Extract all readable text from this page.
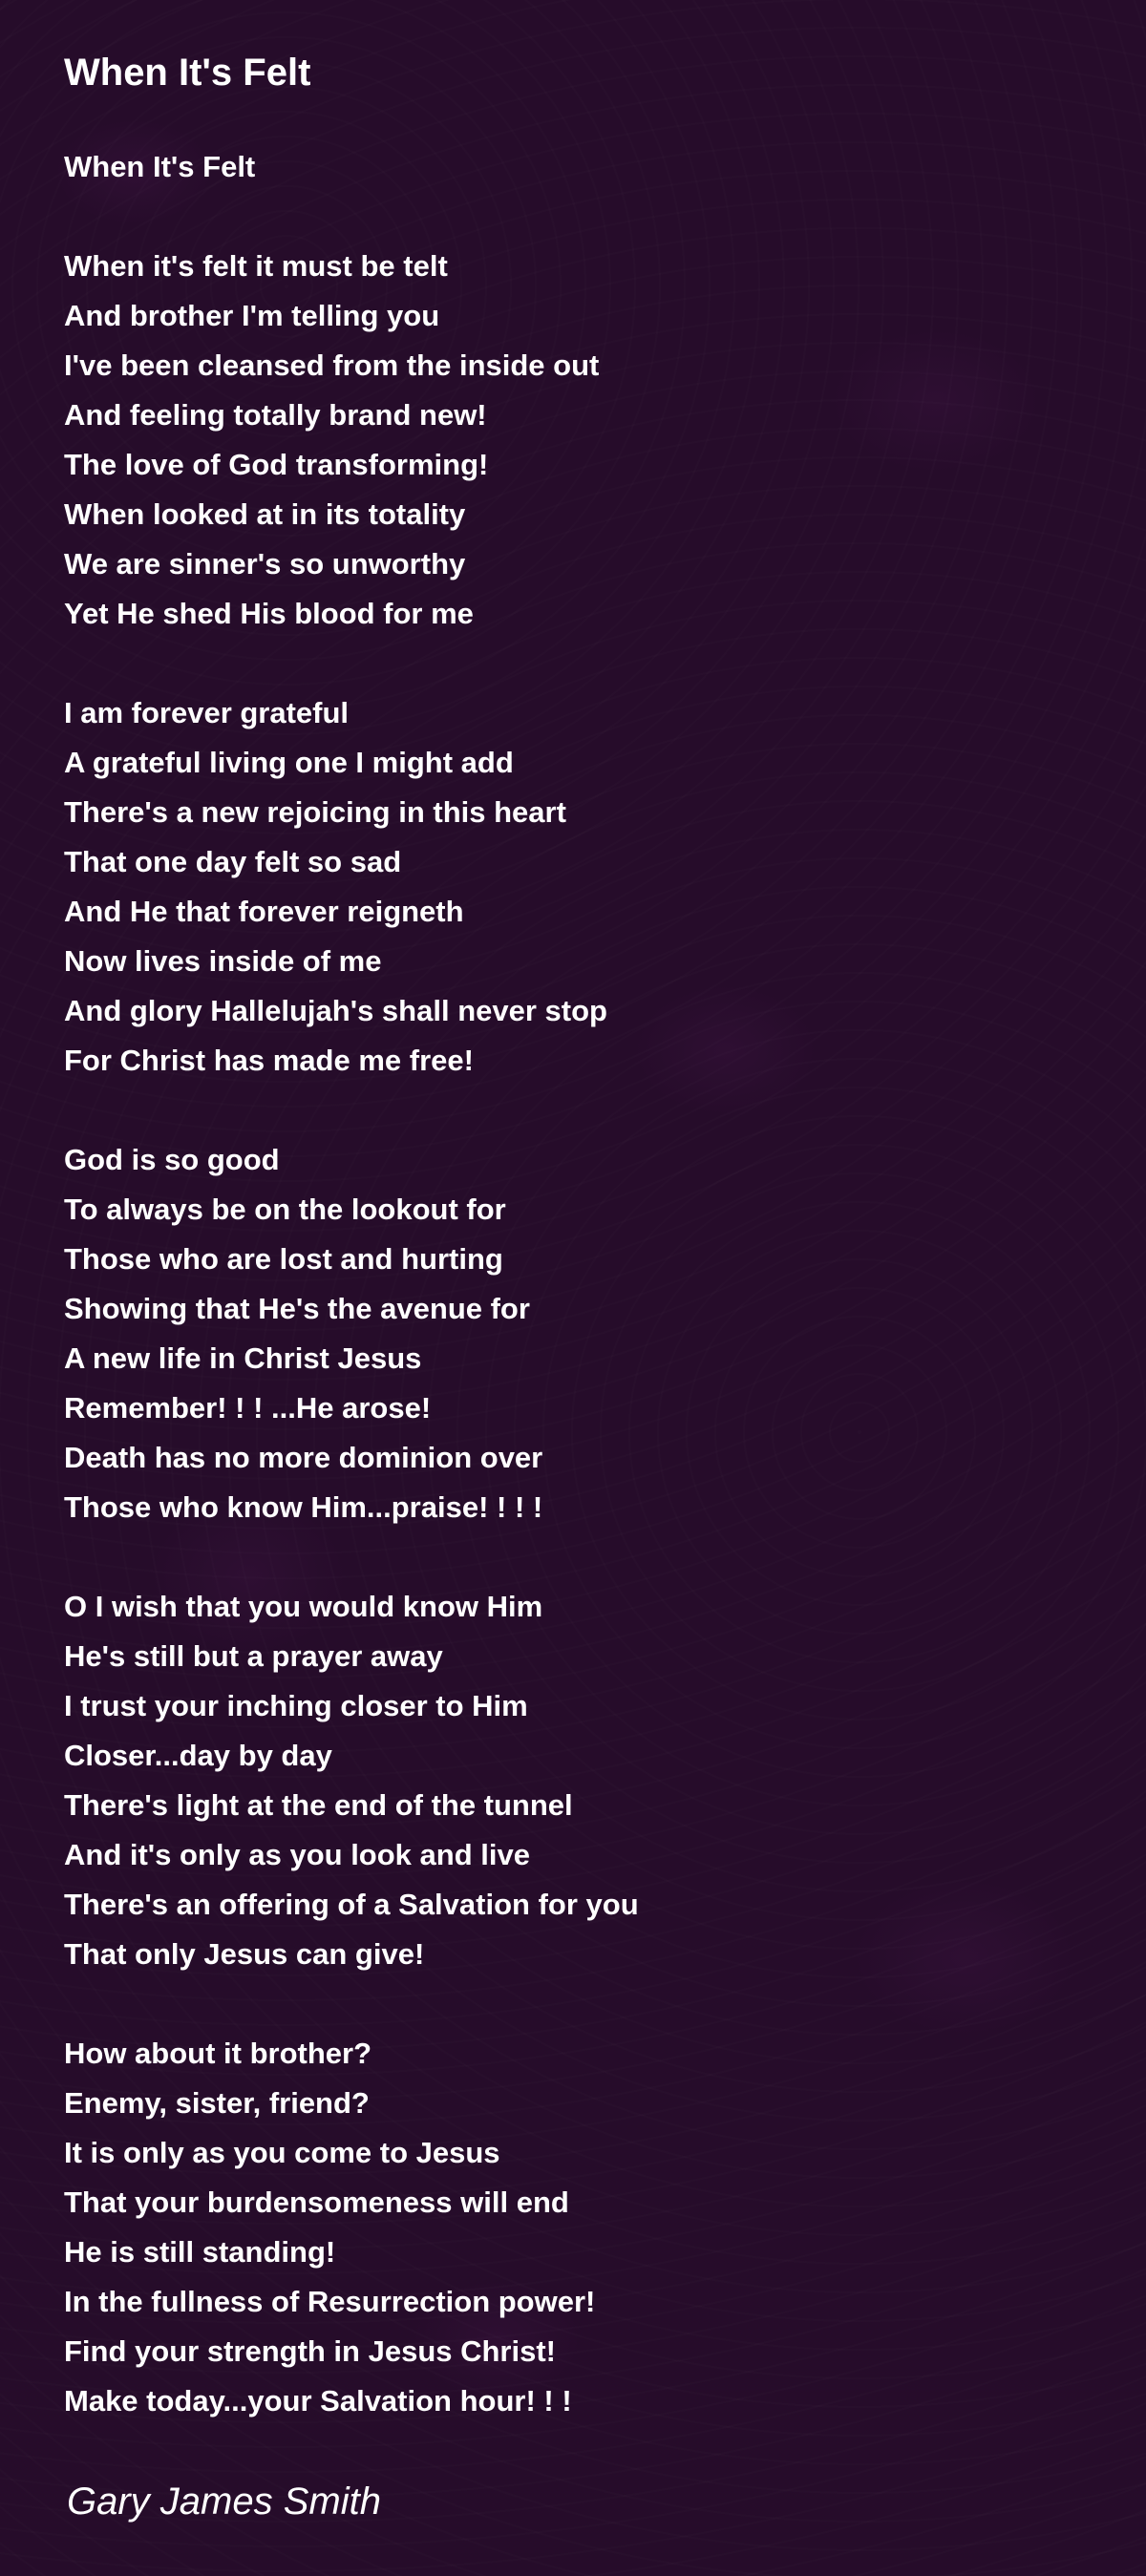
When It's Felt
When It's Felt
When it's felt it must be telt
And brother I'm telling you
I've been cleansed from the inside out
And feeling totally brand new!
The love of God transforming!
When looked at in its totality
We are sinner's so unworthy
Yet He shed His blood for me
I am forever grateful
A grateful living one I might add
There's a new rejoicing in this heart
That one day felt so sad
And He that forever reigneth
Now lives inside of me
And glory Hallelujah's shall never stop
For Christ has made me free!
God is so good
To always be on the lookout for
Those who are lost and hurting
Showing that He's the avenue for
A new life in Christ Jesus
Remember! ! ! ...He arose!
Death has no more dominion over
Those who know Him...praise! ! ! !
O I wish that you would know Him
He's still but a prayer away
I trust your inching closer to Him
Closer...day by day
There's light at the end of the tunnel
And it's only as you look and live
There's an offering of a Salvation for you
That only Jesus can give!
How about it brother?
Enemy, sister, friend?
It is only as you come to Jesus
That your burdensomeness will end
He is still standing!
In the fullness of Resurrection power!
Find your strength in Jesus Christ!
Make today...your Salvation hour! ! !
Gary James Smith
